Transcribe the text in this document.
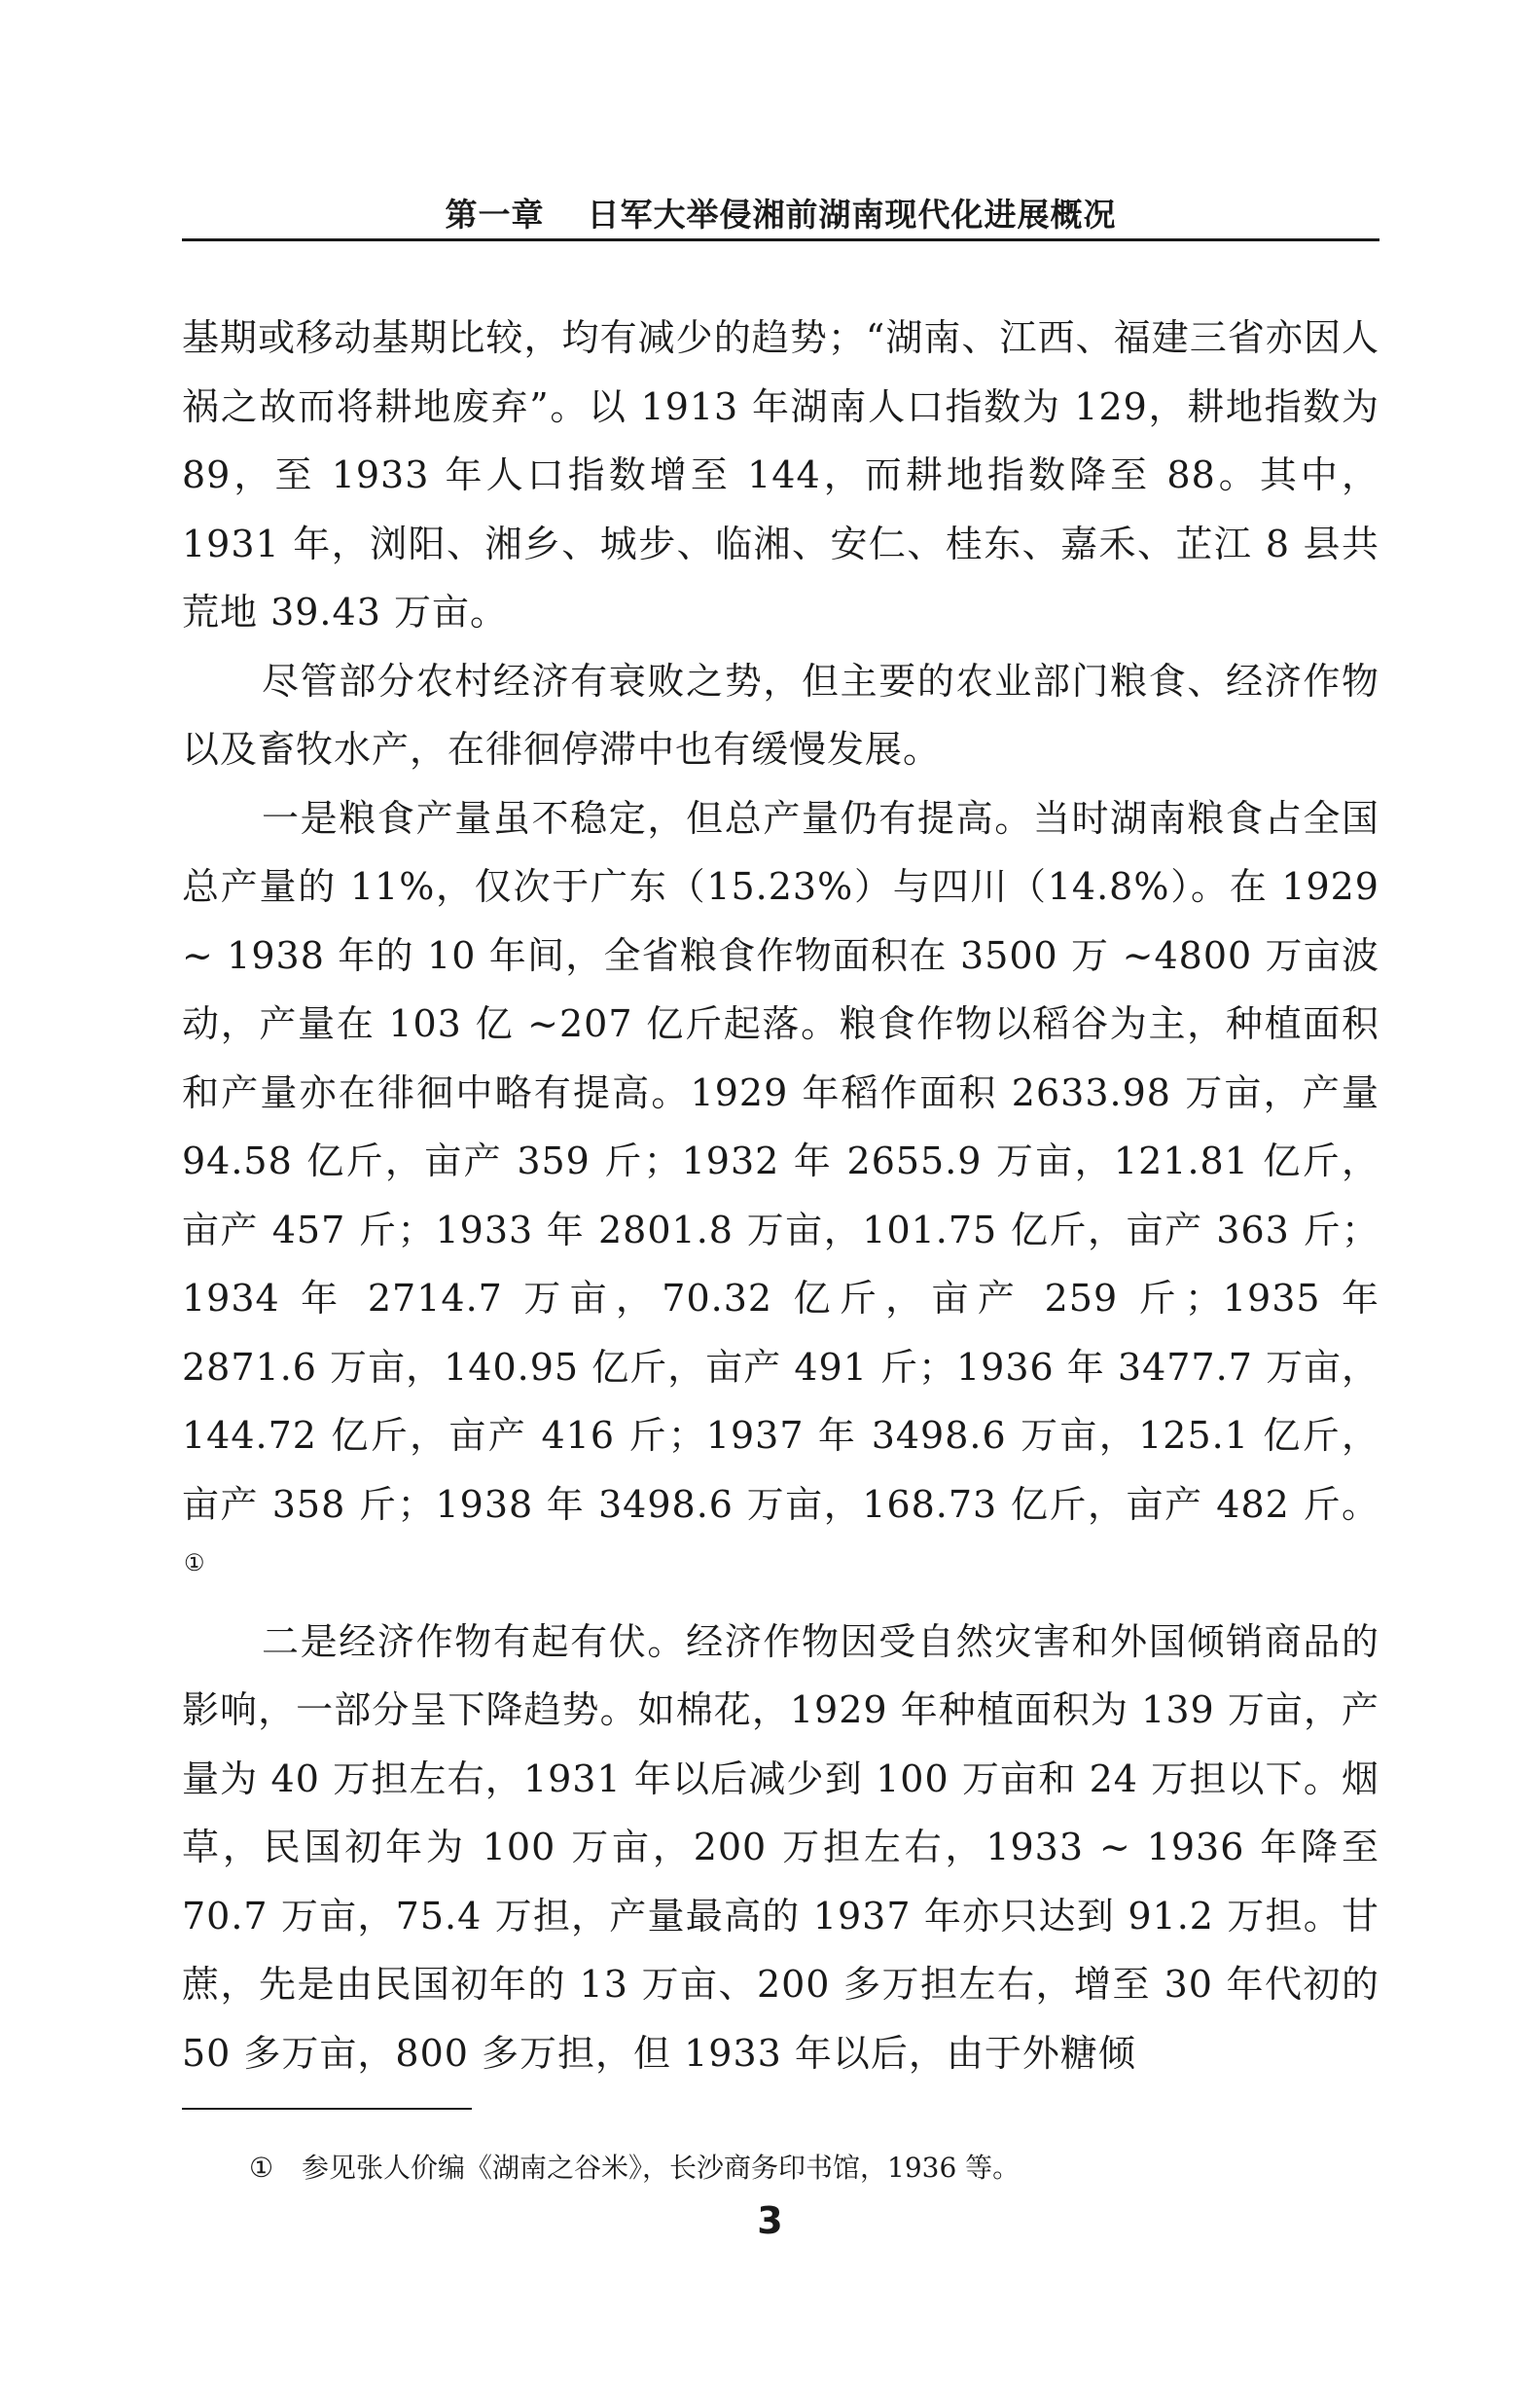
第一章 日军大举侵湘前湖南现代化进展概况

基期或移动基期比较，均有减少的趋势；“湖南、江西、福建三省亦因人祸之故而将耕地废弃”。以 1913 年湖南人口指数为 129，耕地指数为 89，至 1933 年人口指数增至 144，而耕地指数降至 88。其中，1931 年，浏阳、湘乡、城步、临湘、安仁、桂东、嘉禾、芷江 8 县共荒地 39.43 万亩。

尽管部分农村经济有衰败之势，但主要的农业部门粮食、经济作物以及畜牧水产，在徘徊停滞中也有缓慢发展。

一是粮食产量虽不稳定，但总产量仍有提高。当时湖南粮食占全国总产量的 11%，仅次于广东（15.23%）与四川（14.8%）。在 1929 ~ 1938 年的 10 年间，全省粮食作物面积在 3500 万 ~4800 万亩波动，产量在 103 亿 ~207 亿斤起落。粮食作物以稻谷为主，种植面积和产量亦在徘徊中略有提高。1929 年稻作面积 2633.98 万亩，产量 94.58 亿斤，亩产 359 斤；1932 年 2655.9 万亩，121.81 亿斤，亩产 457 斤；1933 年 2801.8 万亩，101.75 亿斤，亩产 363 斤；1934 年 2714.7 万亩，70.32 亿斤，亩产 259 斤；1935 年 2871.6 万亩，140.95 亿斤，亩产 491 斤；1936 年 3477.7 万亩，144.72 亿斤，亩产 416 斤；1937 年 3498.6 万亩，125.1 亿斤，亩产 358 斤；1938 年 3498.6 万亩，168.73 亿斤，亩产 482 斤。①

二是经济作物有起有伏。经济作物因受自然灾害和外国倾销商品的影响，一部分呈下降趋势。如棉花，1929 年种植面积为 139 万亩，产量为 40 万担左右，1931 年以后减少到 100 万亩和 24 万担以下。烟草，民国初年为 100 万亩，200 万担左右，1933 ~ 1936 年降至 70.7 万亩，75.4 万担，产量最高的 1937 年亦只达到 91.2 万担。甘蔗，先是由民国初年的 13 万亩、200 多万担左右，增至 30 年代初的 50 多万亩，800 多万担，但 1933 年以后，由于外糖倾

① 参见张人价编《湖南之谷米》，长沙商务印书馆，1936 等。
3
